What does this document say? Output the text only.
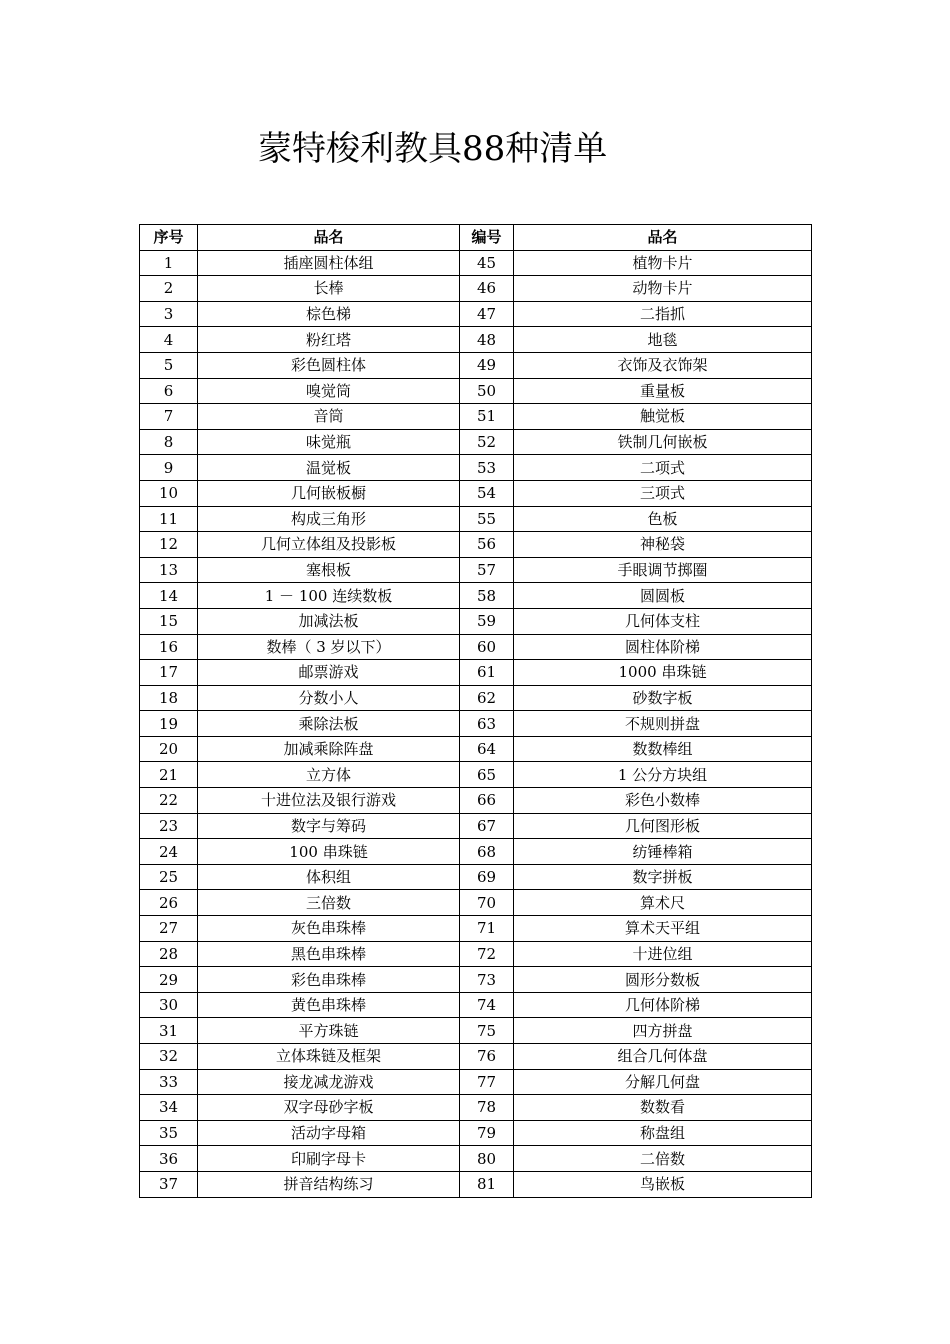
蒙特梭利教具88种清单
序号	品名	编号	品名
1	插座圆柱体组	45	植物卡片
2	长棒	46	动物卡片
3	棕色梯	47	二指抓
4	粉红塔	48	地毯
5	彩色圆柱体	49	衣饰及衣饰架
6	嗅觉筒	50	重量板
7	音筒	51	触觉板
8	味觉瓶	52	铁制几何嵌板
9	温觉板	53	二项式
10	几何嵌板橱	54	三项式
11	构成三角形	55	色板
12	几何立体组及投影板	56	神秘袋
13	塞根板	57	手眼调节掷圈
14	1 － 100 连续数板	58	圆圆板
15	加减法板	59	几何体支柱
16	数棒（ 3 岁以下）	60	圆柱体阶梯
17	邮票游戏	61	1000 串珠链
18	分数小人	62	砂数字板
19	乘除法板	63	不规则拼盘
20	加减乘除阵盘	64	数数棒组
21	立方体	65	1 公分方块组
22	十进位法及银行游戏	66	彩色小数棒
23	数字与筹码	67	几何图形板
24	100 串珠链	68	纺锤棒箱
25	体积组	69	数字拼板
26	三倍数	70	算术尺
27	灰色串珠棒	71	算术天平组
28	黑色串珠棒	72	十进位组
29	彩色串珠棒	73	圆形分数板
30	黄色串珠棒	74	几何体阶梯
31	平方珠链	75	四方拼盘
32	立体珠链及框架	76	组合几何体盘
33	接龙减龙游戏	77	分解几何盘
34	双字母砂字板	78	数数看
35	活动字母箱	79	称盘组
36	印刷字母卡	80	二倍数
37	拼音结构练习	81	鸟嵌板
